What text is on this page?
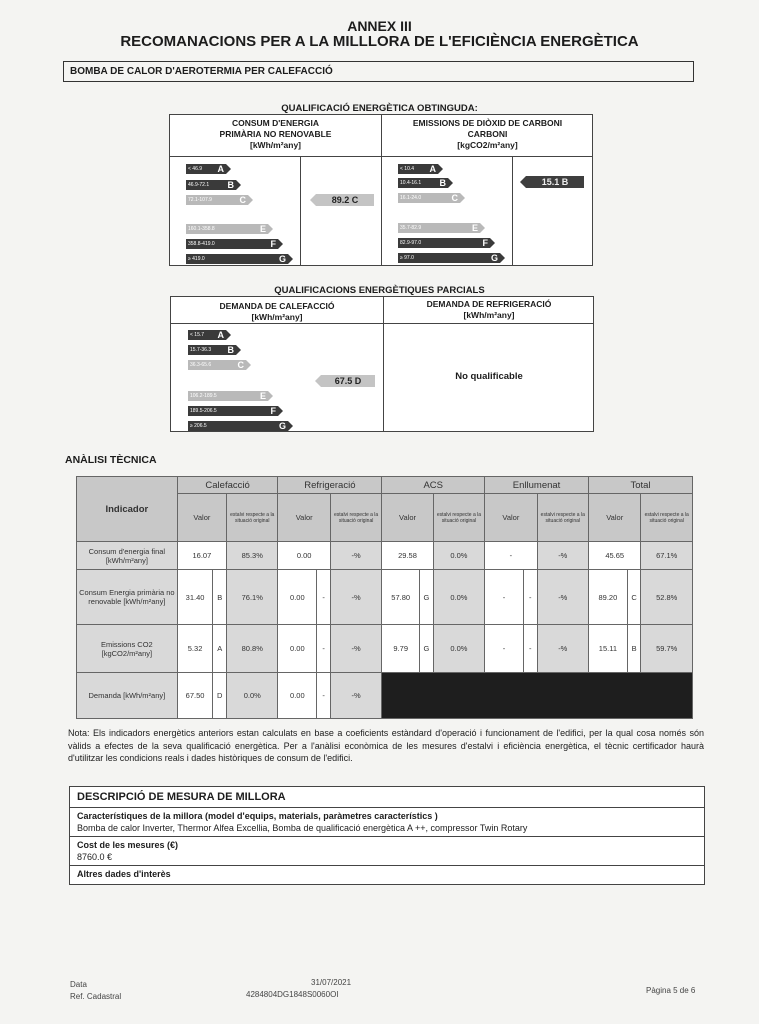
ANNEX III
RECOMANACIONS PER A LA MILLLORA DE L'EFICIÈNCIA ENERGÈTICA
BOMBA DE CALOR D'AEROTERMIA PER CALEFACCIÓ
QUALIFICACIÓ ENERGÈTICA OBTINGUDA:
CONSUM D'ENERGIA
PRIMÀRIA NO RENOVABLE
[kWh/m²any]
EMISSIONS DE DIÒXID DE CARBONI
CARBONI
[kgCO2/m²any]
< 46.9 A
46.9-72.1 B
72.1-107.9	C
160.1-358.8	E
358.8-419.0	F
≥ 419.0	G
89.2 C
< 10.4 A
10.4-16.1 B
16.1-24.0	C
35.7-82.9	E
82.9-97.0	F
≥ 97.0	G
15.1 B
QUALIFICACIONS ENERGÈTIQUES PARCIALS
DEMANDA DE CALEFACCIÓ
[kWh/m²any]
DEMANDA DE REFRIGERACIÓ
[kWh/m²any]
< 15.7 A
15.7-36.3 B
36.3-65.6	C
106.2-189.5	E
189.5-206.5	F
≥ 206.5	G
67.5 D	No qualificable
ANÀLISI TÈCNICA
Indicador	Calefacció			Refrigeració			ACS			Enllumenat			Total		
	Valor		estalvi respecte a la situació original	Valor		estalvi respecte a la situació original	Valor		estalvi respecte a la situació original	Valor		estalvi respecte a la situació original	Valor		estalvi respecte a la situació original
Consum d'energia final [kWh/m²any]	16.07		85.3%	0.00		-%	29.58		0.0%	-		-%	45.65		67.1%
Consum Energia primària no renovable [kWh/m²any]	31.40	B	76.1%	0.00	-	-%	57.80	G	0.0%	-	-	-%	89.20	C	52.8%
Emissions CO2 [kgCO2/m²any]	5.32	A	80.8%	0.00	-	-%	9.79	G	0.0%	-	-	-%	15.11	B	59.7%
Demanda [kWh/m²any]	67.50	D	0.0%	0.00	-	-%									
Nota: Els indicadors energètics anteriors estan calculats en base a coeficients estàndard d'operació i funcionament de l'edifici, per la qual cosa només són vàlids a efectes de la seva qualificació energètica. Per a l'anàlisi econòmica de les mesures d'estalvi i eficiència energètica, el tècnic certificador haurà d'utilitzar les condicions reals i dades històriques de consum de l'edifici.
DESCRIPCIÓ DE MESURA DE MILLORA
Característiques de la millora (model d'equips, materials, paràmetres característics )
Bomba de calor Inverter, Thermor Alfea Excellia, Bomba de qualificació energètica A ++, compressor Twin Rotary
Cost de les mesures (€)
8760.0 €
Altres dades d'interès
Data
Ref. Cadastral
31/07/2021
4284804DG1848S0060OI	Pàgina 5 de 6
